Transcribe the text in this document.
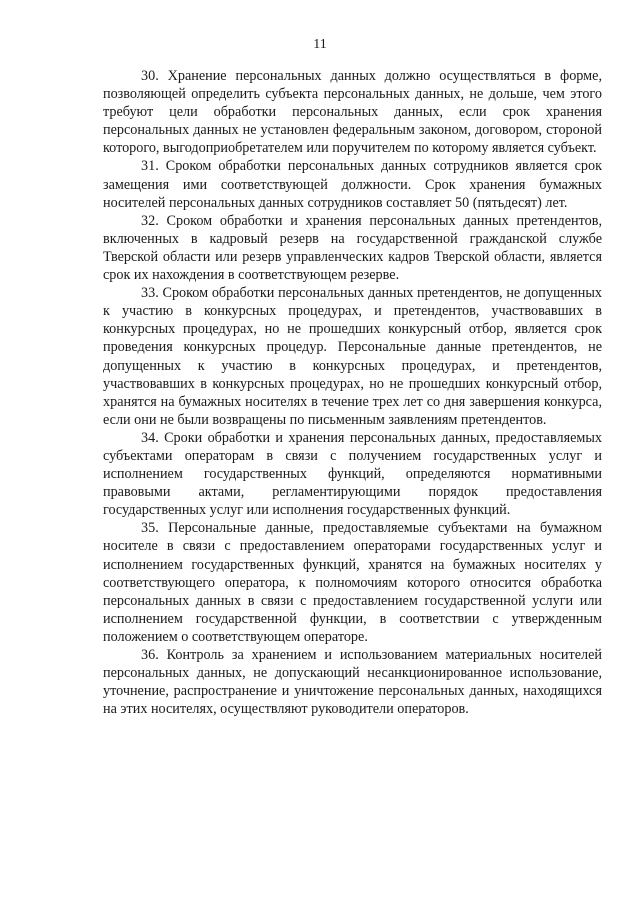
11

30. Хранение персональных данных должно осуществляться в форме, позволяющей определить субъекта персональных данных, не дольше, чем этого требуют цели обработки персональных данных, если срок хранения персональных данных не установлен федеральным законом, договором, стороной которого, выгодоприобретателем или поручителем по которому является субъект.

31. Сроком обработки персональных данных сотрудников является срок замещения ими соответствующей должности. Срок хранения бумажных носителей персональных данных сотрудников составляет 50 (пятьдесят) лет.

32. Сроком обработки и хранения персональных данных претендентов, включенных в кадровый резерв на государственной гражданской службе Тверской области или резерв управленческих кадров Тверской области, является срок их нахождения в соответствующем резерве.

33. Сроком обработки персональных данных претендентов, не допущенных к участию в конкурсных процедурах, и претендентов, участвовавших в конкурсных процедурах, но не прошедших конкурсный отбор, является срок проведения конкурсных процедур. Персональные данные претендентов, не допущенных к участию в конкурсных процедурах, и претендентов, участвовавших в конкурсных процедурах, но не прошедших конкурсный отбор, хранятся на бумажных носителях в течение трех лет со дня завершения конкурса, если они не были возвращены по письменным заявлениям претендентов.

34. Сроки обработки и хранения персональных данных, предоставляемых субъектами операторам в связи с получением государственных услуг и исполнением государственных функций, определяются нормативными правовыми актами, регламентирующими порядок предоставления государственных услуг или исполнения государственных функций.

35. Персональные данные, предоставляемые субъектами на бумажном носителе в связи с предоставлением операторами государственных услуг и исполнением государственных функций, хранятся на бумажных носителях у соответствующего оператора, к полномочиям которого относится обработка персональных данных в связи с предоставлением государственной услуги или исполнением государственной функции, в соответствии с утвержденным положением о соответствующем операторе.

36. Контроль за хранением и использованием материальных носителей персональных данных, не допускающий несанкционированное использование, уточнение, распространение и уничтожение персональных данных, находящихся на этих носителях, осуществляют руководители операторов.
